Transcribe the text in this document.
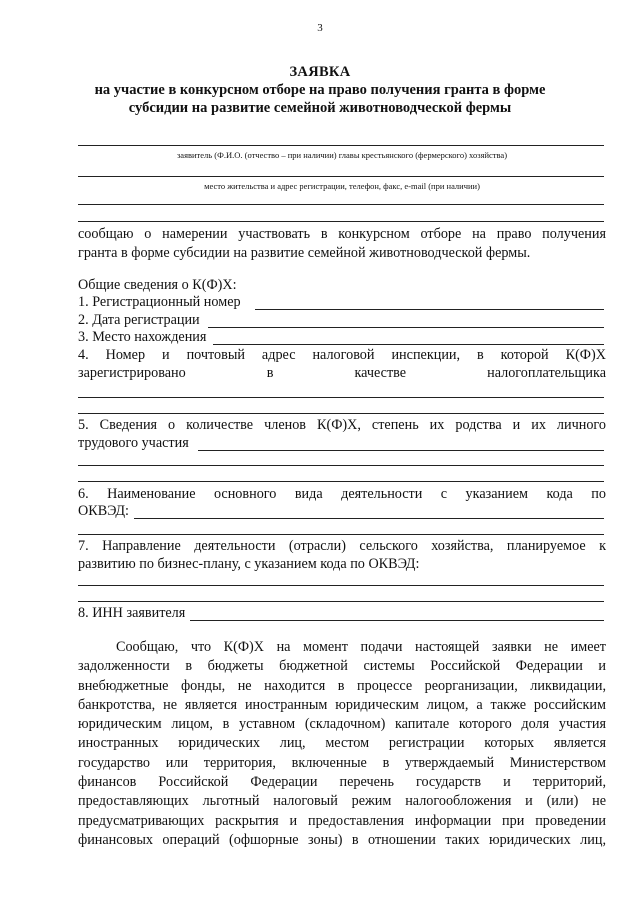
3
ЗАЯВКА
на участие в конкурсном отборе на право получения гранта в форме
субсидии на развитие семейной животноводческой фермы
заявитель (Ф.И.О. (отчество – при наличии) главы крестьянского (фермерского) хозяйства)
место жительства и адрес регистрации, телефон, факс, e-mail (при наличии)
сообщаю о намерении участвовать в конкурсном отборе на право получения
гранта в форме субсидии на развитие семейной животноводческой фермы.
Общие сведения о К(Ф)Х:
1. Регистрационный номер
2. Дата регистрации
3. Место нахождения
4. Номер и почтовый адрес налоговой инспекции, в которой К(Ф)Х
зарегистрировано в качестве налогоплательщика
5. Сведения о количестве членов К(Ф)Х, степень их родства и их личного
трудового участия
6. Наименование основного вида деятельности с указанием кода по
ОКВЭД:
7. Направление деятельности (отрасли) сельского хозяйства, планируемое к
развитию по бизнес-плану, с указанием кода по ОКВЭД:
8. ИНН заявителя

Сообщаю, что К(Ф)Х на момент подачи настоящей заявки не имеет

задолженности в бюджеты бюджетной системы Российской Федерации и

внебюджетные фонды, не находится в процессе реорганизации, ликвидации,

банкротства, не является иностранным юридическим лицом, а также российским

юридическим лицом, в уставном (складочном) капитале которого доля участия

иностранных юридических лиц, местом регистрации которых является

государство или территория, включенные в утверждаемый Министерством

финансов Российской Федерации перечень государств и территорий,

предоставляющих льготный налоговый режим налогообложения и (или) не

предусматривающих раскрытия и предоставления информации при проведении

финансовых операций (офшорные зоны) в отношении таких юридических лиц,
